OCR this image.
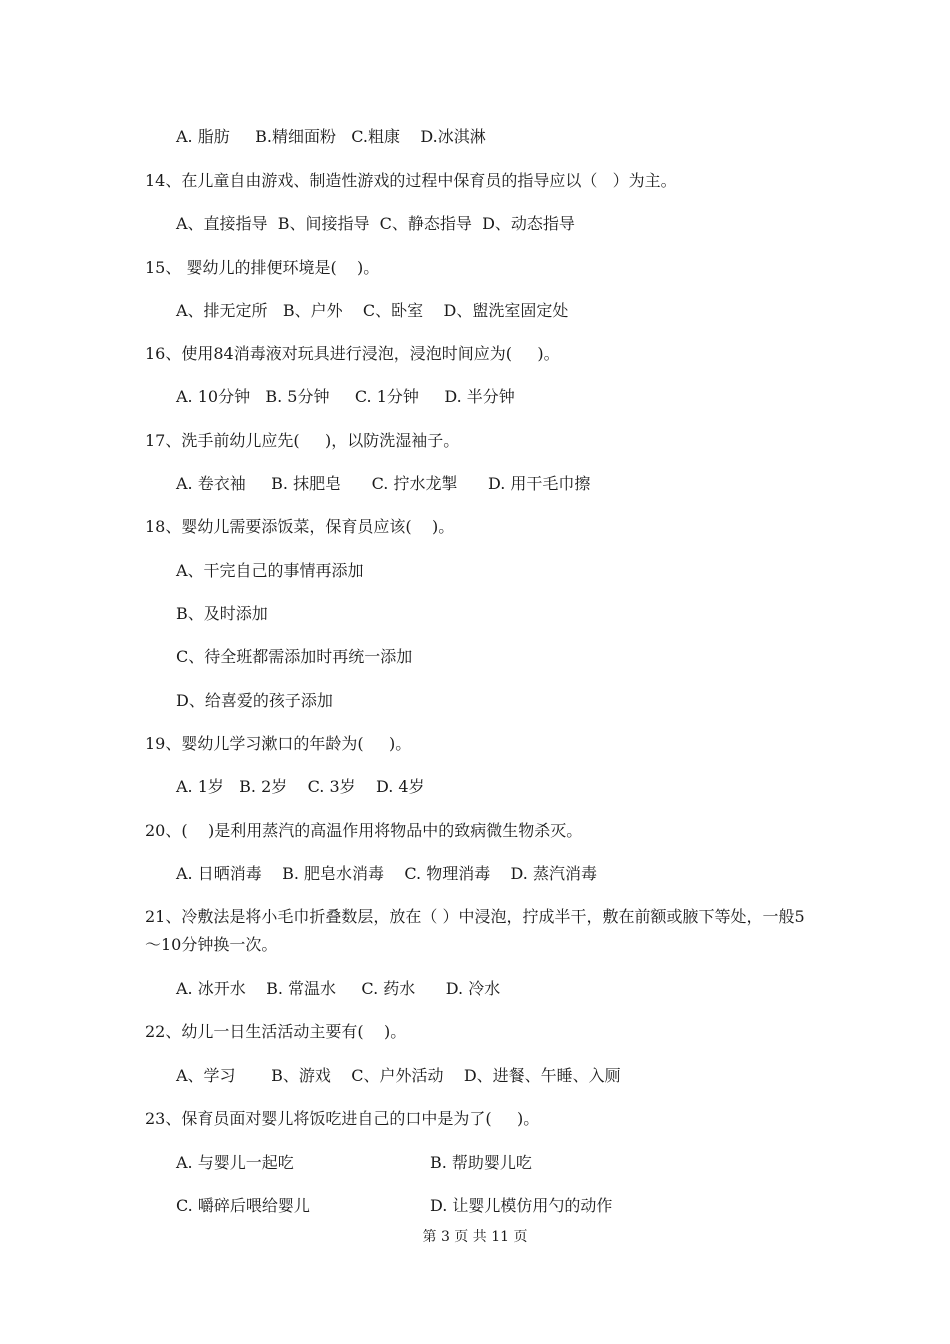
A. 脂肪     B.精细面粉   C.粗康    D.冰淇淋
14、在儿童自由游戏、制造性游戏的过程中保育员的指导应以（   ）为主。
A、直接指导  B、间接指导  C、静态指导  D、动态指导
15、 婴幼儿的排便环境是(    )。
A、排无定所   B、户外    C、卧室    D、盥洗室固定处
16、使用84消毒液对玩具进行浸泡，浸泡时间应为(     )。
A. 10分钟   B. 5分钟     C. 1分钟     D. 半分钟
17、洗手前幼儿应先(     )，以防洗湿袖子。
A. 卷衣袖     B. 抹肥皂      C. 拧水龙掣      D. 用干毛巾擦
18、婴幼儿需要添饭菜，保育员应该(    )。
A、干完自己的事情再添加
B、及时添加
C、待全班都需添加时再统一添加
D、给喜爱的孩子添加
19、婴幼儿学习漱口的年龄为(     )。
A. 1岁   B. 2岁    C. 3岁    D. 4岁
20、(    )是利用蒸汽的高温作用将物品中的致病微生物杀灭。
A. 日晒消毒    B. 肥皂水消毒    C. 物理消毒    D. 蒸汽消毒
21、冷敷法是将小毛巾折叠数层，放在（ ）中浸泡，拧成半干，敷在前额或腋下等处，一般5～10分钟换一次。
A. 冰开水    B. 常温水     C. 药水      D. 冷水
22、幼儿一日生活活动主要有(    )。
A、学习       B、游戏    C、户外活动    D、进餐、午睡、入厕
23、保育员面对婴儿将饭吃进自己的口中是为了(     )。
A. 与婴儿一起吃	B. 帮助婴儿吃
C. 嚼碎后喂给婴儿	D. 让婴儿模仿用勺的动作
第 3 页 共 11 页
